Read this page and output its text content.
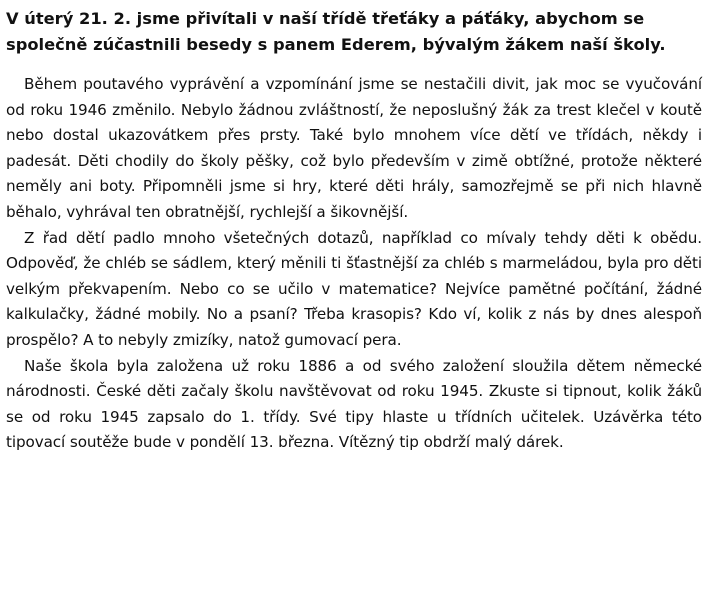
V úterý 21. 2. jsme přivítali v naší třídě třeťáky a páťáky, abychom se společně zúčastnili besedy s panem Ederem, bývalým žákem naší školy.

Během poutavého vyprávění a vzpomínání jsme se nestačili divit, jak moc se vyučování od roku 1946 změnilo. Nebylo žádnou zvláštností, že neposlušný žák za trest klečel v koutě nebo dostal ukazovátkem přes prsty. Také bylo mnohem více dětí ve třídách, někdy i padesát. Děti chodily do školy pěšky, což bylo především v zimě obtížné, protože některé neměly ani boty. Připomněli jsme si hry, které děti hrály, samozřejmě se při nich hlavně běhalo, vyhrával ten obratnější, rychlejší a šikovnější.

Z řad dětí padlo mnoho všetečných dotazů, například co mívaly tehdy děti k obědu. Odpověď, že chléb se sádlem, který měnili ti šťastnější za chléb s marmeládou, byla pro děti velkým překvapením. Nebo co se učilo v matematice? Nejvíce pamětné počítání, žádné kalkulačky, žádné mobily. No a psaní? Třeba krasopis? Kdo ví, kolik z nás by dnes alespoň prospělo? A to nebyly zmizíky, natož gumovací pera.

Naše škola byla založena už roku 1886 a od svého založení sloužila dětem německé národnosti. České děti začaly školu navštěvovat od roku 1945. Zkuste si tipnout, kolik žáků se od roku 1945 zapsalo do 1. třídy. Své tipy hlaste u třídních učitelek. Uzávěrka této tipovací soutěže bude v pondělí 13. března. Vítězný tip obdrží malý dárek.
